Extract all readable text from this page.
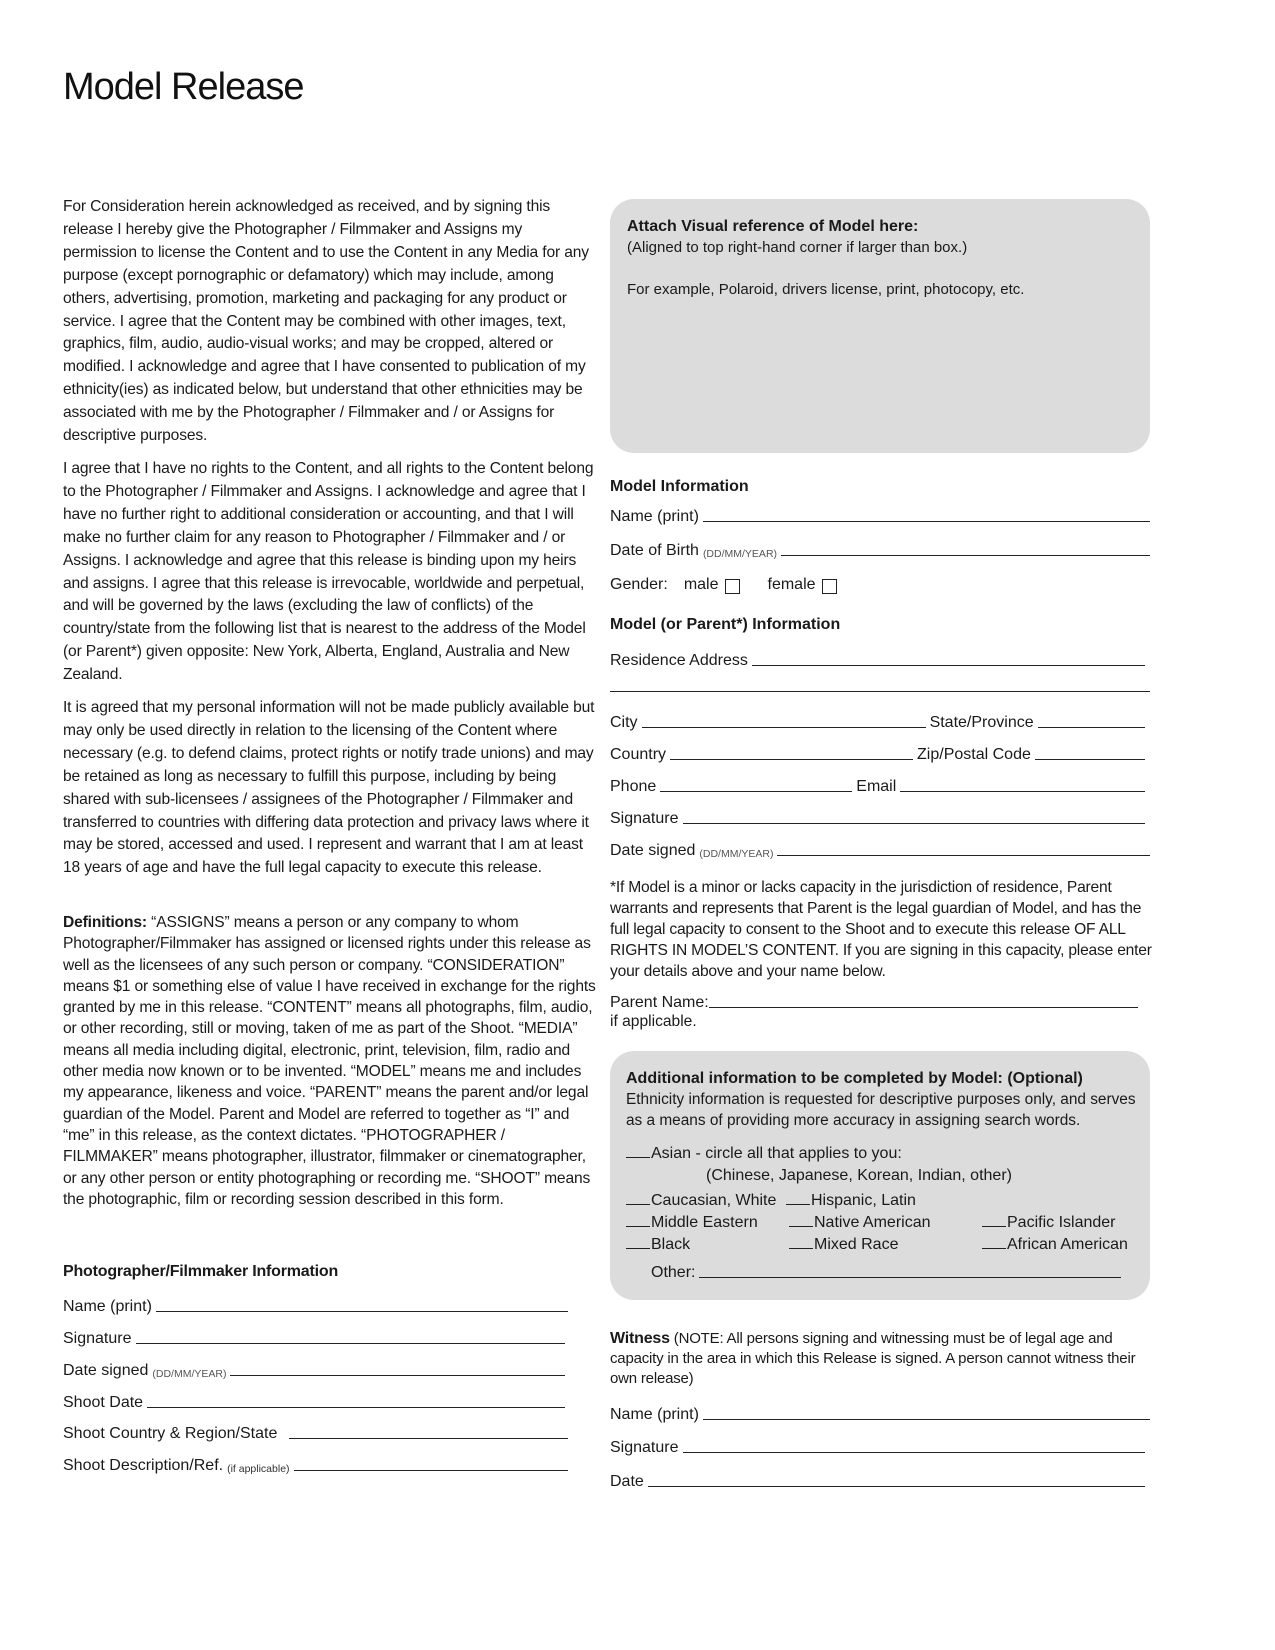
Model Release

For Consideration herein acknowledged as received, and by signing this release I hereby give the Photographer / Filmmaker and Assigns my permission to license the Content and to use the Content in any Media for any purpose (except pornographic or defamatory) which may include, among others, advertising, promotion, marketing and packaging for any product or service. I agree that the Content may be combined with other images, text, graphics, film, audio, audio-visual works; and may be cropped, altered or modified. I acknowledge and agree that I have consented to publication of my ethnicity(ies) as indicated below, but understand that other ethnicities may be associated with me by the Photographer / Filmmaker and / or Assigns for descriptive purposes.

I agree that I have no rights to the Content, and all rights to the Content belong to the Photographer / Filmmaker and Assigns. I acknowledge and agree that I have no further right to additional consideration or accounting, and that I will make no further claim for any reason to Photographer / Filmmaker and / or Assigns. I acknowledge and agree that this release is binding upon my heirs and assigns. I agree that this release is irrevocable, worldwide and perpetual, and will be governed by the laws (excluding the law of conflicts) of the country/state from the following list that is nearest to the address of the Model (or Parent*) given opposite: New York, Alberta, England, Australia and New Zealand.

It is agreed that my personal information will not be made publicly available but may only be used directly in relation to the licensing of the Content where necessary (e.g. to defend claims, protect rights or notify trade unions) and may be retained as long as necessary to fulfill this purpose, including by being shared with sub-licensees / assignees of the Photographer / Filmmaker and transferred to countries with differing data protection and privacy laws where it may be stored, accessed and used. I represent and warrant that I am at least 18 years of age and have the full legal capacity to execute this release.

Definitions: “ASSIGNS” means a person or any company to whom Photographer/Filmmaker has assigned or licensed rights under this release as well as the licensees of any such person or company. “CONSIDERATION” means $1 or something else of value I have received in exchange for the rights granted by me in this release. “CONTENT” means all photographs, film, audio, or other recording, still or moving, taken of me as part of the Shoot. “MEDIA” means all media including digital, electronic, print, television, film, radio and other media now known or to be invented. “MODEL” means me and includes my appearance, likeness and voice. “PARENT” means the parent and/or legal guardian of the Model. Parent and Model are referred to together as “I” and “me” in this release, as the context dictates. “PHOTOGRAPHER / FILMMAKER” means photographer, illustrator, filmmaker or cinematographer, or any other person or entity photographing or recording me. “SHOOT” means the photographic, film or recording session described in this form.

Photographer/Filmmaker Information

Name (print)
Signature
Date signed (DD/MM/YEAR)
Shoot Date
Shoot Country & Region/State
Shoot Description/Ref. (if applicable)
Attach Visual reference of Model here:
(Aligned to top right-hand corner if larger than box.)

For example, Polaroid, drivers license, print, photocopy, etc.
Model Information
Name (print)
Date of Birth (DD/MM/YEAR)
Gender: male	female
Model (or Parent*) Information
Residence Address
City	State/Province
Country	Zip/Postal Code
Phone	Email
Signature
Date signed (DD/MM/YEAR)
*If Model is a minor or lacks capacity in the jurisdiction of residence, Parent warrants and represents that Parent is the legal guardian of Model, and has the full legal capacity to consent to the Shoot and to execute this release OF ALL RIGHTS IN MODEL’S CONTENT. If you are signing in this capacity, please enter your details above and your name below.
Parent Name:
if applicable.
Additional information to be completed by Model: (Optional)
Ethnicity information is requested for descriptive purposes only, and serves as a means of providing more accuracy in assigning search words.
Asian - circle all that applies to you:
(Chinese, Japanese, Korean, Indian, other)
Caucasian, White	Hispanic, Latin
Middle Eastern	Native American	Pacific Islander
Black	Mixed Race	African American
Other:
Witness (NOTE: All persons signing and witnessing must be of legal age and capacity in the area in which this Release is signed. A person cannot witness their own release)
Name (print)
Signature
Date
